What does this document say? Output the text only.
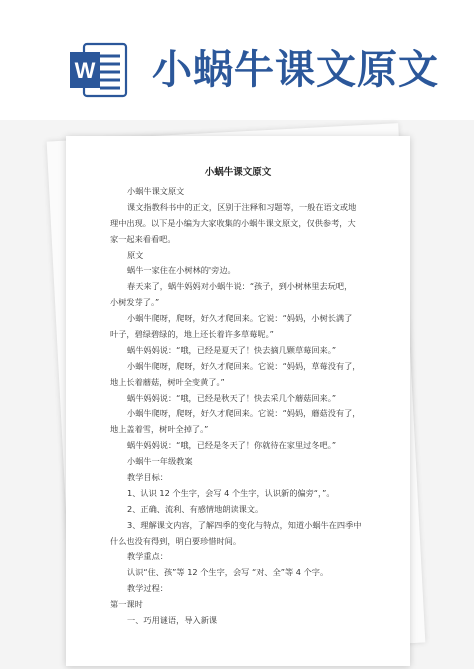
W 小蜗牛课文原文
小蜗牛课文原文
小蜗牛课文原文
课文指教科书中的正文，区别于注释和习题等，一般在语文或地
理中出现。以下是小编为大家收集的小蜗牛课文原文，仅供参考，大
家一起来看看吧。
原文
蜗牛一家住在小树林的'旁边。
春天来了，蜗牛妈妈对小蜗牛说：“孩子，到小树林里去玩吧，
小树发芽了。”
小蜗牛爬呀，爬呀，好久才爬回来。它说：“妈妈，小树长满了
叶子，碧绿碧绿的，地上还长着许多草莓呢。”
蜗牛妈妈说：“哦，已经是夏天了！快去摘几颗草莓回来。”
小蜗牛爬呀，爬呀，好久才爬回来。它说：“妈妈，草莓没有了，
地上长着蘑菇，树叶全变黄了。”
蜗牛妈妈说：“哦，已经是秋天了！快去采几个蘑菇回来。”
小蜗牛爬呀，爬呀，好久才爬回来。它说：“妈妈，蘑菇没有了，
地上盖着雪，树叶全掉了。”
蜗牛妈妈说：“哦，已经是冬天了！你就待在家里过冬吧。”
小蜗牛一年级教案
教学目标：
1、认识 12 个生字，会写 4 个生字，认识新的偏旁“，”。
2、正确、流利、有感情地朗读课文。
3、理解课文内容，了解四季的变化与特点，知道小蜗牛在四季中
什么也没有得到，明白要珍惜时间。
教学重点：
认识“住、孩”等 12 个生字，会写 “对、全”等 4 个字。
教学过程：
第一课时
一、巧用谜语，导入新课
